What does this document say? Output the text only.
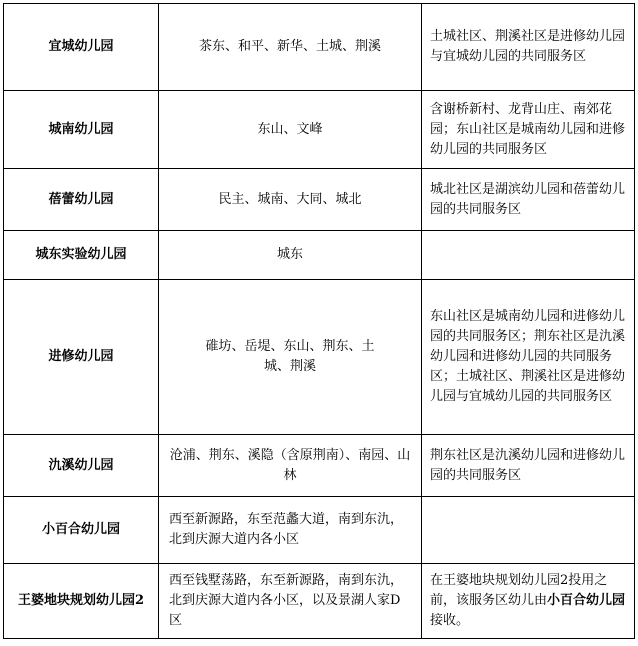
宜城幼儿园	茶东、和平、新华、土城、荆溪	土城社区、荆溪社区是进修幼儿园与宜城幼儿园的共同服务区
城南幼儿园	东山、文峰	含谢桥新村、龙背山庄、南郊花园；东山社区是城南幼儿园和进修幼儿园的共同服务区
蓓蕾幼儿园	民主、城南、大同、城北	城北社区是湖滨幼儿园和蓓蕾幼儿园的共同服务区
城东实验幼儿园	城东	
进修幼儿园	碓坊、岳堤、东山、荆东、土城、荆溪	东山社区是城南幼儿园和进修幼儿园的共同服务区；荆东社区是氿溪幼儿园和进修幼儿园的共同服务区；土城社区、荆溪社区是进修幼儿园与宜城幼儿园的共同服务区
氿溪幼儿园	沧浦、荆东、溪隐（含原荆南）、南园、山林	荆东社区是氿溪幼儿园和进修幼儿园的共同服务区
小百合幼儿园	西至新源路，东至范蠡大道，南到东氿，北到庆源大道内各小区	
王婆地块规划幼儿园2	西至钱墅荡路，东至新源路，南到东氿，北到庆源大道内各小区，以及景湖人家D区	在王婆地块规划幼儿园2投用之前，该服务区幼儿由小百合幼儿园接收。
